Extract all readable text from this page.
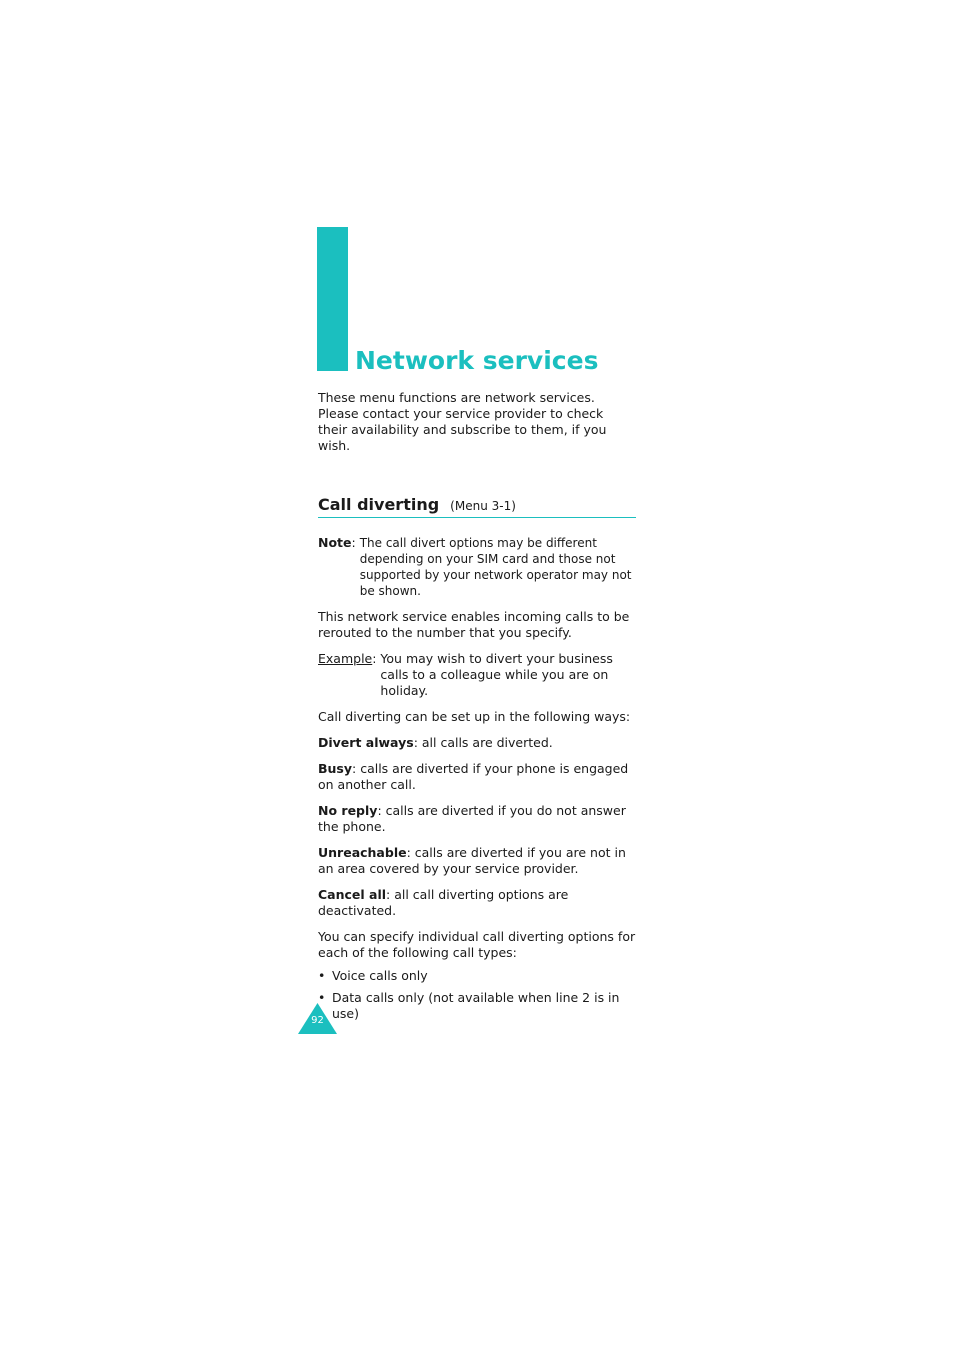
Network services

These menu functions are network services. Please contact your service provider to check their availability and subscribe to them, if you wish.

Call diverting (Menu 3-1)
Note: The call divert options may be different depending on your SIM card and those not supported by your network operator may not be shown.

This network service enables incoming calls to be rerouted to the number that you specify.

Example: You may wish to divert your business calls to a colleague while you are on holiday.

Call diverting can be set up in the following ways:

Divert always: all calls are diverted.

Busy: calls are diverted if your phone is engaged on another call.

No reply: calls are diverted if you do not answer the phone.

Unreachable: calls are diverted if you are not in an area covered by your service provider.

Cancel all: all call diverting options are deactivated.

You can specify individual call diverting options for each of the following call types:

• Voice calls only
• Data calls only (not available when line 2 is in use)
92
